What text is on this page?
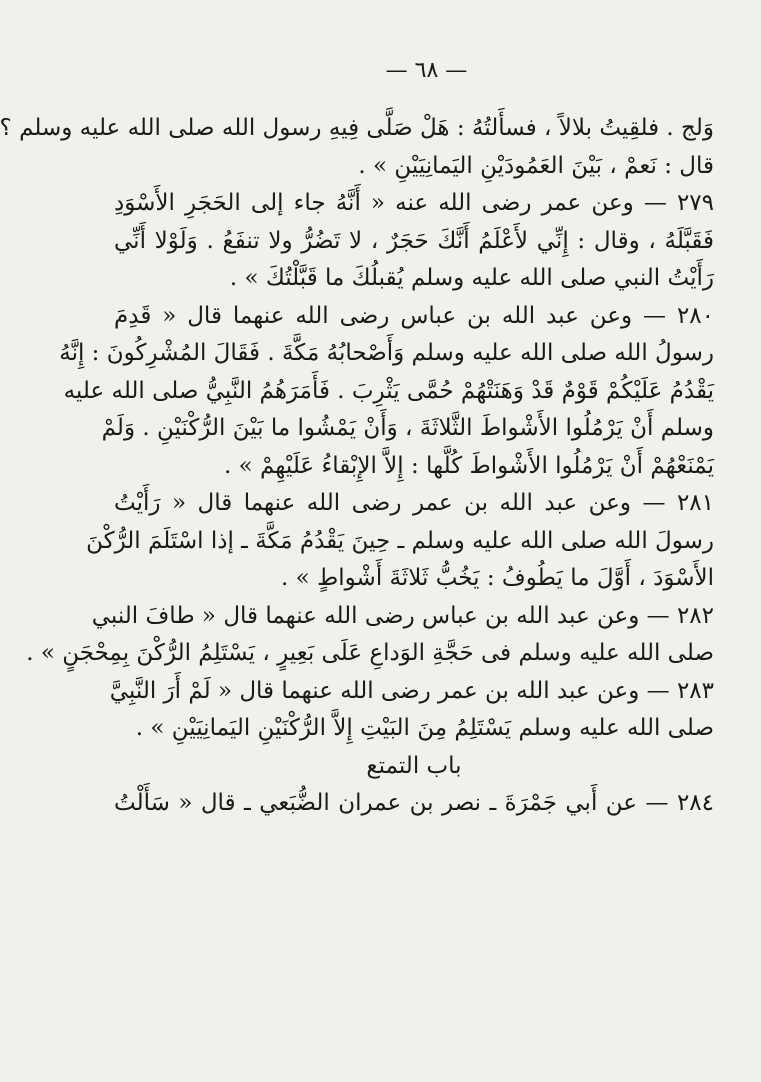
— ٦٨ —
وَلج . فلقِيتُ بلالاً ، فسأَلتُهُ : هَلْ صَلَّى فِيهِ رسول الله صلى الله عليه وسلم ؟
قال : نَعمْ ، بَيْنَ العَمُودَيْنِ اليَمانِيَيْنِ » .
٢٧٩ — وعن عمر رضى الله عنه « أَنَّهُ جاء إلى الحَجَرِ الأَسْوَدِ
فَقَبَّلَهُ ، وقال : إِنِّي لأَعْلَمُ أَنَّكَ حَجَرٌ ، لا تَضُرُّ ولا تنفَعُ . وَلَوْلا أَنِّي
رَأَيْتُ النبي صلى الله عليه وسلم يُقبلُكَ ما قَبَّلْتُكَ » .
٢٨٠ — وعن عبد الله بن عباس رضى الله عنهما قال « قَدِمَ
رسولُ الله صلى الله عليه وسلم وَأَصْحابُهُ مَكَّةَ . فَقَالَ المُشْرِكُونَ : إِنَّهُ
يَقْدُمُ عَلَيْكُمْ قَوْمٌ قَدْ وَهَنَتْهُمْ حُمَّى يَثْرِبَ . فَأَمَرَهُمُ النَّبِيُّ صلى الله عليه
وسلم أَنْ يَرْمُلُوا الأَشْواطَ الثَّلاثَةَ ، وَأَنْ يَمْشُوا ما بَيْنَ الرُّكْنَيْنِ . وَلَمْ
يَمْنَعْهُمْ أَنْ يَرْمُلُوا الأَشْواطَ كُلَّها : إِلاَّ الإِبْقاءُ عَلَيْهِمْ » .
٢٨١ — وعن عبد الله بن عمر رضى الله عنهما قال « رَأَيْتُ
رسولَ الله صلى الله عليه وسلم ـ حِينَ يَقْدُمُ مَكَّةَ ـ إذا اسْتَلَمَ الرُّكْنَ
الأَسْوَدَ ، أَوَّلَ ما يَطُوفُ : يَخُبُّ ثَلاثَةَ أَشْواطٍ » .
٢٨٢ — وعن عبد الله بن عباس رضى الله عنهما قال « طافَ النبي
صلى الله عليه وسلم فى حَجَّةِ الوَداعِ عَلَى بَعِيرٍ ، يَسْتَلِمُ الرُّكْنَ بِمِحْجَنٍ » .
٢٨٣ — وعن عبد الله بن عمر رضى الله عنهما قال « لَمْ أَرَ النَّبِيَّ
صلى الله عليه وسلم يَسْتَلِمُ مِنَ البَيْتِ إِلاَّ الرُّكْنَيْنِ اليَمانِيَيْنِ » .
باب التمتع
٢٨٤ — عن أَبي جَمْرَةَ ـ نصر بن عمران الضُّبَعي ـ قال « سَأَلْتُ
